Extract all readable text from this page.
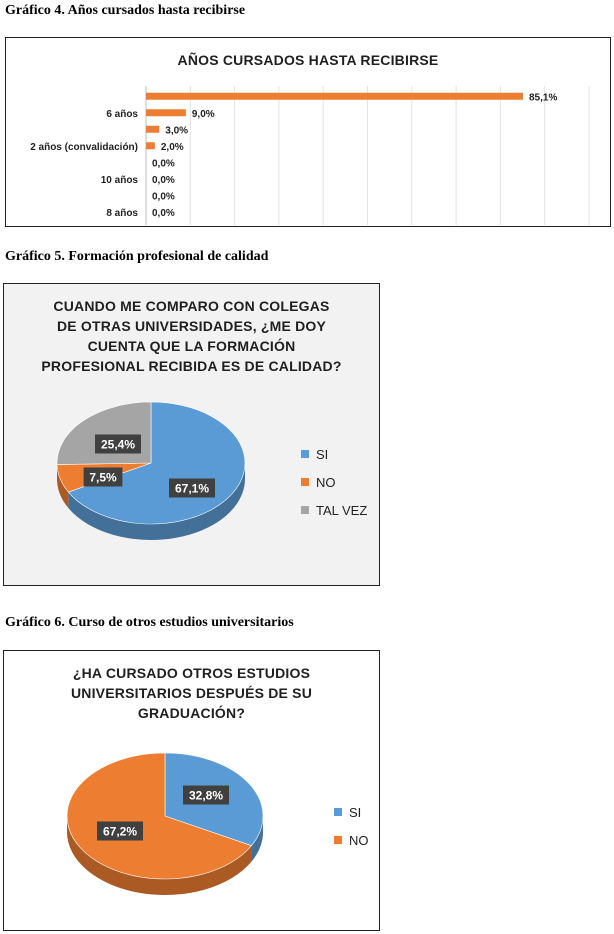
Gráfico 4. Años cursados hasta recibirse
AÑOS CURSADOS HASTA RECIBIRSE
85,1%
9,0%
6 años
3,0%
2,0%
2 años (convalidación)
0,0%
0,0%
10 años
0,0%
0,0%
8 años
Gráfico 5. Formación profesional de calidad
CUANDO ME COMPARO CON COLEGAS
DE OTRAS UNIVERSIDADES, ¿ME DOY
CUENTA QUE LA FORMACIÓN
PROFESIONAL RECIBIDA ES DE CALIDAD?
67,1%
7,5%
25,4%
SI
NO
TAL VEZ
Gráfico 6. Curso de otros estudios universitarios
¿HA CURSADO OTROS ESTUDIOS
UNIVERSITARIOS DESPUÉS DE SU
GRADUACIÓN?
32,8%
67,2%
SI
NO
